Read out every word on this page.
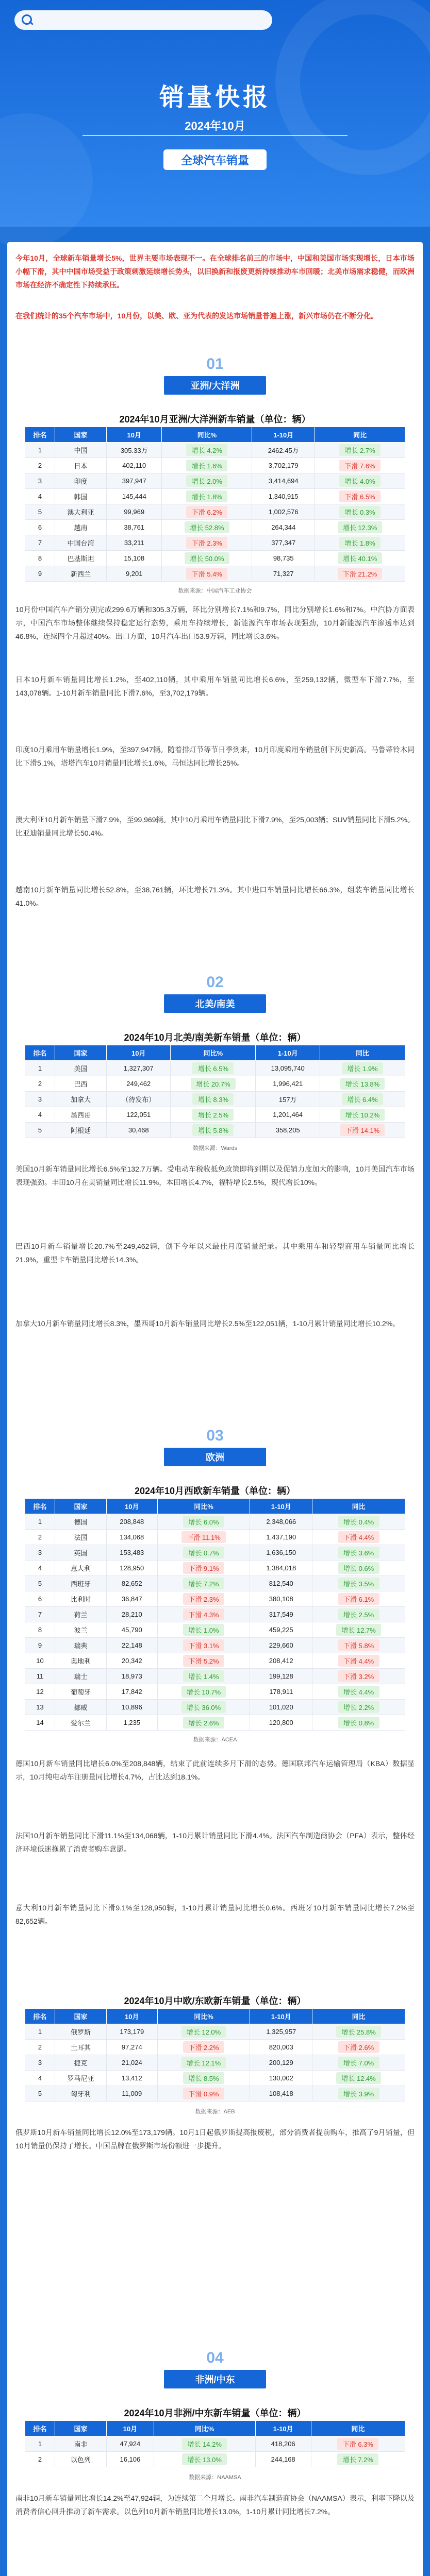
销量快报
2024年10月
全球汽车销量

今年10月，全球新车销量增长5%，世界主要市场表现不一。在全球排名前三的市场中，中国和美国市场实现增长，日本市场小幅下滑，其中中国市场受益于政策刺激延续增长势头，以旧换新和报废更新持续推动车市回暖；北美市场需求稳健，而欧洲市场在经济不确定性下持续承压。

在我们统计的35个汽车市场中，10月份，以美、欧、亚为代表的发达市场销量普遍上涨，新兴市场仍在不断分化。

01
亚洲/大洋洲
2024年10月亚洲/大洋洲新车销量（单位：辆）
排名	国家	10月	同比%	1-10月	同比
1	中国	305.33万	增长 4.2%	2462.45万	增长 2.7%
2	日本	402,110	增长 1.6%	3,702,179	下滑 7.6%
3	印度	397,947	增长 2.0%	3,414,694	增长 4.0%
4	韩国	145,444	增长 1.8%	1,340,915	下滑 6.5%
5	澳大利亚	99,969	下滑 6.2%	1,002,576	增长 0.3%
6	越南	38,761	增长 52.8%	264,344	增长 12.3%
7	中国台湾	33,211	下滑 2.3%	377,347	增长 1.8%
8	巴基斯坦	15,108	增长 50.0%	98,735	增长 40.1%
9	新西兰	9,201	下滑 5.4%	71,327	下滑 21.2%
数据来源：中国汽车工业协会
02
北美/南美
2024年10月北美/南美新车销量（单位：辆）
排名	国家	10月	同比%	1-10月	同比
1	美国	1,327,307	增长 6.5%	13,095,740	增长 1.9%
2	巴西	249,462	增长 20.7%	1,996,421	增长 13.8%
3	加拿大	（待发布）	增长 8.3%	157万	增长 6.4%
4	墨西哥	122,051	增长 2.5%	1,201,464	增长 10.2%
5	阿根廷	30,468	增长 5.8%	358,205	下滑 14.1%
数据来源：Wards
03
欧洲
2024年10月西欧新车销量（单位：辆）
排名	国家	10月	同比%	1-10月	同比
1	德国	208,848	增长 6.0%	2,348,066	增长 0.4%
2	法国	134,068	下滑 11.1%	1,437,190	下滑 4.4%
3	英国	153,483	增长 0.7%	1,636,150	增长 3.6%
4	意大利	128,950	下滑 9.1%	1,384,018	增长 0.6%
5	西班牙	82,652	增长 7.2%	812,540	增长 3.5%
6	比利时	36,847	下滑 2.3%	380,108	下滑 6.1%
7	荷兰	28,210	下滑 4.3%	317,549	增长 2.5%
8	波兰	45,790	增长 1.0%	459,225	增长 12.7%
9	瑞典	22,148	下滑 3.1%	229,660	下滑 5.8%
10	奥地利	20,342	下滑 5.2%	208,412	下滑 4.4%
11	瑞士	18,973	增长 1.4%	199,128	下滑 3.2%
12	葡萄牙	17,842	增长 10.7%	178,911	增长 4.4%
13	挪威	10,896	增长 36.0%	101,020	增长 2.2%
14	爱尔兰	1,235	增长 2.6%	120,800	增长 0.8%
数据来源：ACEA
2024年10月中欧/东欧新车销量（单位：辆）
排名	国家	10月	同比%	1-10月	同比
1	俄罗斯	173,179	增长 12.0%	1,325,957	增长 25.8%
2	土耳其	97,274	下滑 2.2%	820,003	下滑 2.6%
3	捷克	21,024	增长 12.1%	200,129	增长 7.0%
4	罗马尼亚	13,412	增长 8.5%	130,002	增长 12.4%
5	匈牙利	11,009	下滑 0.9%	108,418	增长 3.9%
数据来源：AEB
04
非洲/中东
2024年10月非洲/中东新车销量（单位：辆）
排名	国家	10月	同比%	1-10月	同比
1	南非	47,924	增长 14.2%	418,206	下滑 6.3%
2	以色列	16,106	增长 13.0%	244,168	增长 7.2%
数据来源：NAAMSA

10月份中国汽车产销分别完成299.6万辆和305.3万辆，环比分别增长7.1%和9.7%，同比分别增长1.6%和7%。中汽协方面表示，中国汽车市场整体继续保持稳定运行态势，乘用车持续增长，新能源汽车市场表现强劲，10月新能源汽车渗透率达到46.8%，连续四个月超过40%。出口方面，10月汽车出口53.9万辆，同比增长3.6%。

日本10月新车销量同比增长1.2%，至402,110辆，其中乘用车销量同比增长6.6%，至259,132辆，微型车下滑7.7%，至143,078辆。1-10月新车销量同比下滑7.6%，至3,702,179辆。

印度10月乘用车销量增长1.9%，至397,947辆。随着排灯节等节日季到来，10月印度乘用车销量创下历史新高。马鲁蒂铃木同比下滑5.1%，塔塔汽车10月销量同比增长1.6%，马恒达同比增长25%。

澳大利亚10月新车销量下滑7.9%，至99,969辆。其中10月乘用车销量同比下滑7.9%，至25,003辆；SUV销量同比下滑5.2%。比亚迪销量同比增长50.4%。

越南10月新车销量同比增长52.8%，至38,761辆，环比增长71.3%。其中进口车销量同比增长66.3%，组装车销量同比增长41.0%。

美国10月新车销量同比增长6.5%至132.7万辆。受电动车税收抵免政策即将到期以及促销力度加大的影响，10月美国汽车市场表现强劲。丰田10月在美销量同比增长11.9%，本田增长4.7%，福特增长2.5%，现代增长10%。

巴西10月新车销量增长20.7%至249,462辆，创下今年以来最佳月度销量纪录。其中乘用车和轻型商用车销量同比增长21.9%，重型卡车销量同比增长14.3%。

加拿大10月新车销量同比增长8.3%，墨西哥10月新车销量同比增长2.5%至122,051辆，1-10月累计销量同比增长10.2%。

德国10月新车销量同比增长6.0%至208,848辆，结束了此前连续多月下滑的态势。德国联邦汽车运输管理局（KBA）数据显示，10月纯电动车注册量同比增长4.7%，占比达到18.1%。

法国10月新车销量同比下滑11.1%至134,068辆，1-10月累计销量同比下滑4.4%。法国汽车制造商协会（PFA）表示，整体经济环境低迷拖累了消费者购车意愿。

意大利10月新车销量同比下滑9.1%至128,950辆，1-10月累计销量同比增长0.6%。西班牙10月新车销量同比增长7.2%至82,652辆。

俄罗斯10月新车销量同比增长12.0%至173,179辆。10月1日起俄罗斯提高报废税，部分消费者提前购车，推高了9月销量，但10月销量仍保持了增长。中国品牌在俄罗斯市场份额进一步提升。

南非10月新车销量同比增长14.2%至47,924辆，为连续第二个月增长。南非汽车制造商协会（NAAMSA）表示，利率下降以及消费者信心回升推动了新车需求。以色列10月新车销量同比增长13.0%，1-10月累计同比增长7.2%。
